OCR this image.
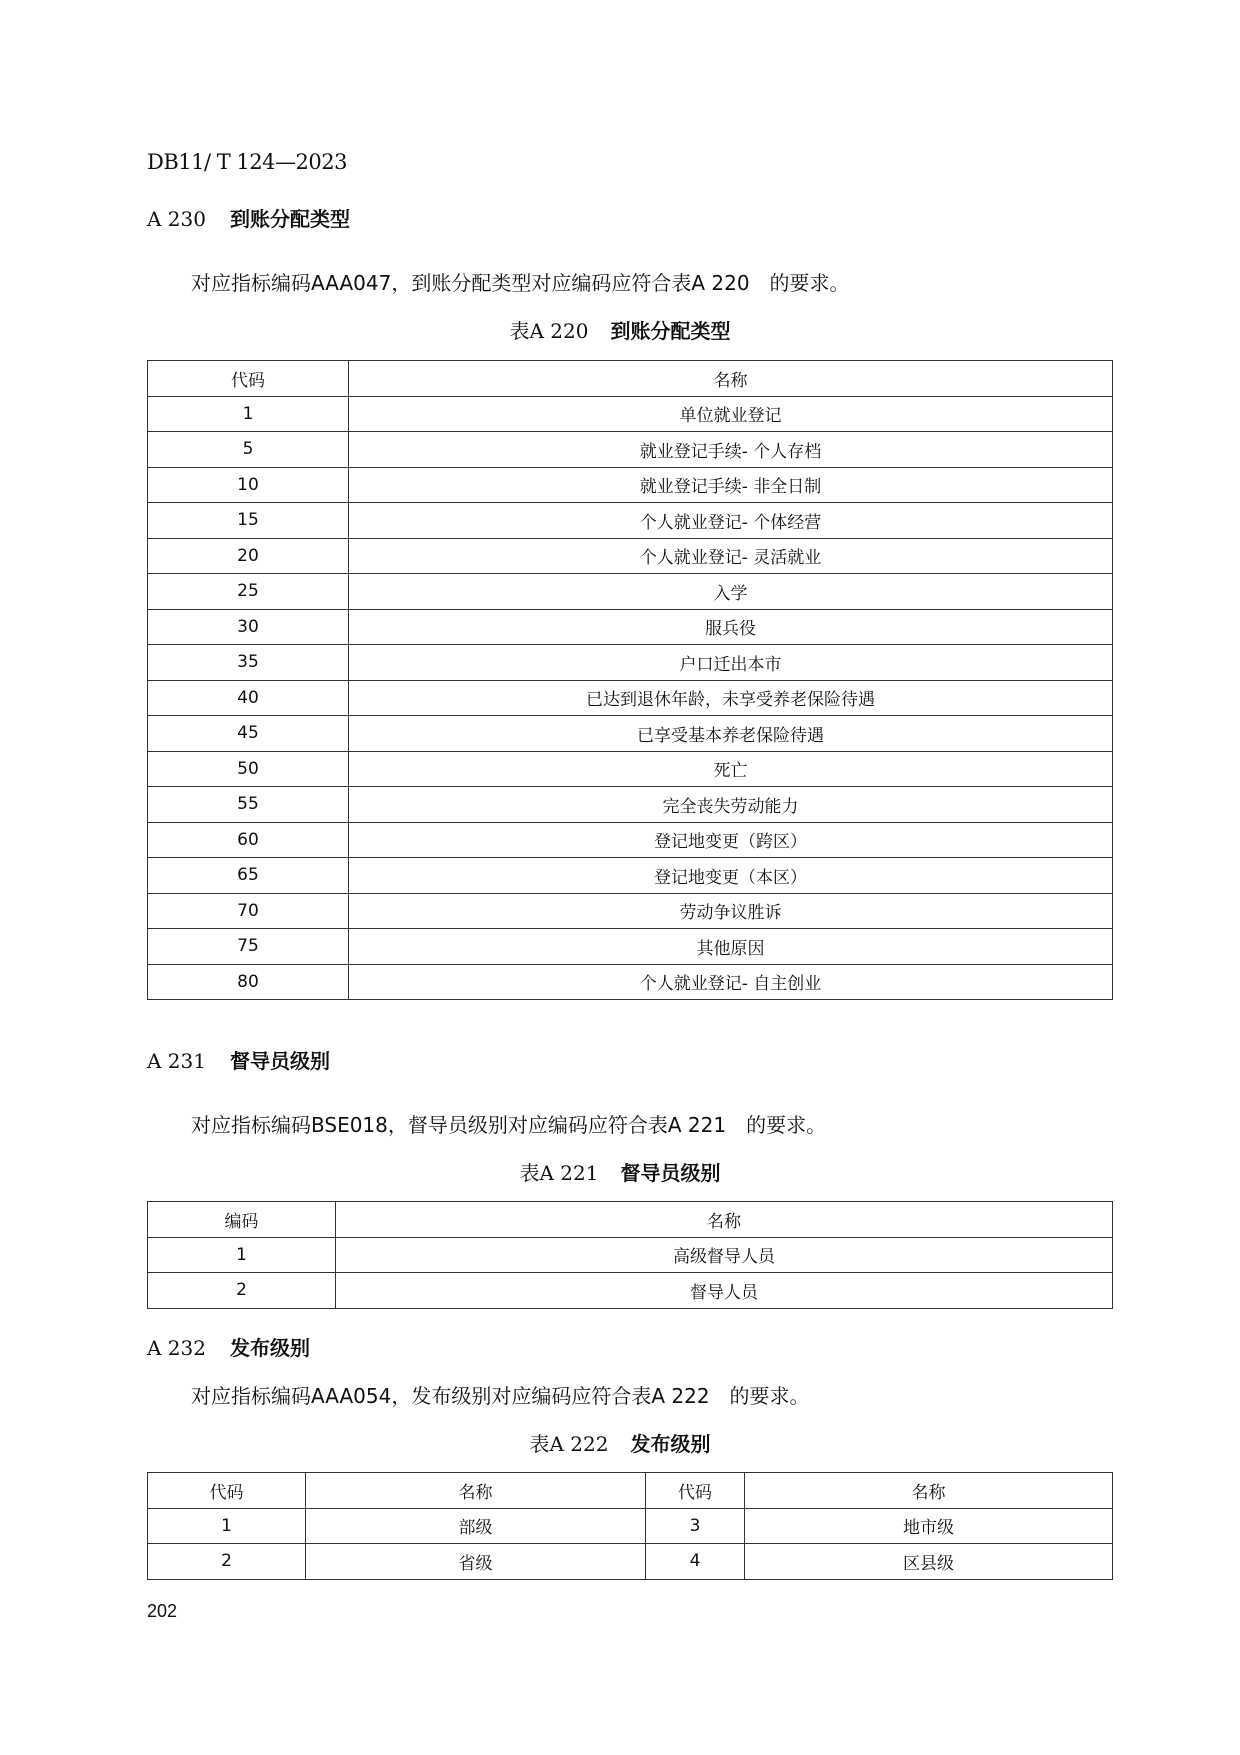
DB11/ T 124—2023
A 230 到账分配类型
对应指标编码AAA047，到账分配类型对应编码应符合表A 220　的要求。
表A 220 到账分配类型
代码	名称
1	单位就业登记
5	就业登记手续- 个人存档
10	就业登记手续- 非全日制
15	个人就业登记- 个体经营
20	个人就业登记- 灵活就业
25	入学
30	服兵役
35	户口迁出本市
40	已达到退休年龄，未享受养老保险待遇
45	已享受基本养老保险待遇
50	死亡
55	完全丧失劳动能力
60	登记地变更（跨区）
65	登记地变更（本区）
70	劳动争议胜诉
75	其他原因
80	个人就业登记- 自主创业
A 231 督导员级别
对应指标编码BSE018，督导员级别对应编码应符合表A 221　的要求。
表A 221 督导员级别
编码	名称
1	高级督导人员
2	督导人员
A 232 发布级别
对应指标编码AAA054，发布级别对应编码应符合表A 222　的要求。
表A 222 发布级别
代码	名称	代码	名称
1	部级	3	地市级
2	省级	4	区县级
202
